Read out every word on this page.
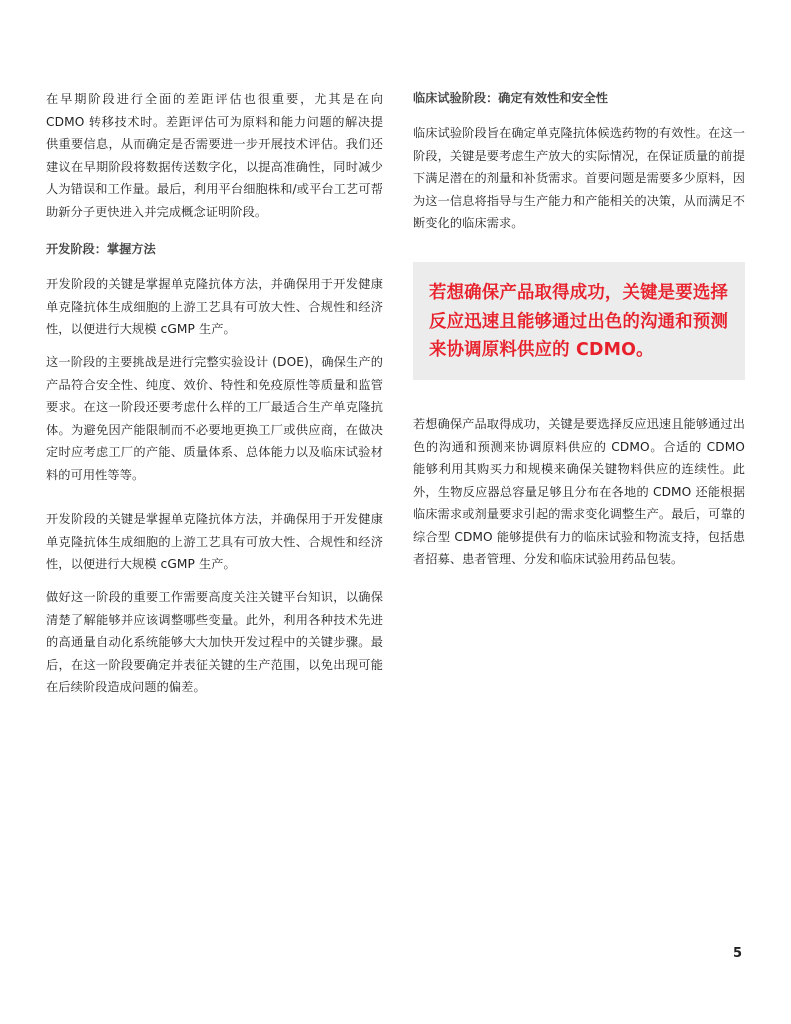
在早期阶段进行全面的差距评估也很重要，尤其是在向 CDMO 转移技术时。差距评估可为原料和能力问题的解决提供重要信息，从而确定是否需要进一步开展技术评估。我们还建议在早期阶段将数据传送数字化，以提高准确性，同时减少人为错误和工作量。最后，利用平台细胞株和/或平台工艺可帮助新分子更快进入并完成概念证明阶段。

开发阶段：掌握方法

开发阶段的关键是掌握单克隆抗体方法，并确保用于开发健康单克隆抗体生成细胞的上游工艺具有可放大性、合规性和经济性，以便进行大规模 cGMP 生产。

这一阶段的主要挑战是进行完整实验设计 (DOE)，确保生产的产品符合安全性、纯度、效价、特性和免疫原性等质量和监管要求。在这一阶段还要考虑什么样的工厂最适合生产单克隆抗体。为避免因产能限制而不必要地更换工厂或供应商，在做决定时应考虑工厂的产能、质量体系、总体能力以及临床试验材料的可用性等等。

开发阶段的关键是掌握单克隆抗体方法，并确保用于开发健康单克隆抗体生成细胞的上游工艺具有可放大性、合规性和经济性，以便进行大规模 cGMP 生产。

做好这一阶段的重要工作需要高度关注关键平台知识，以确保清楚了解能够并应该调整哪些变量。此外，利用各种技术先进的高通量自动化系统能够大大加快开发过程中的关键步骤。最后，在这一阶段要确定并表征关键的生产范围，以免出现可能在后续阶段造成问题的偏差。

临床试验阶段：确定有效性和安全性

临床试验阶段旨在确定单克隆抗体候选药物的有效性。在这一阶段，关键是要考虑生产放大的实际情况，在保证质量的前提下满足潜在的剂量和补货需求。首要问题是需要多少原料，因为这一信息将指导与生产能力和产能相关的决策，从而满足不断变化的临床需求。

若想确保产品取得成功，关键是要选择反应迅速且能够通过出色的沟通和预测来协调原料供应的 CDMO。合适的 CDMO 能够利用其购买力和规模来确保关键物料供应的连续性。此外，生物反应器总容量足够且分布在各地的 CDMO 还能根据临床需求或剂量要求引起的需求变化调整生产。最后，可靠的综合型 CDMO 能够提供有力的临床试验和物流支持，包括患者招募、患者管理、分发和临床试验用药品包装。

若想确保产品取得成功，关键是要选择反应迅速且能够通过出色的沟通和预测来协调原料供应的 CDMO。

5
